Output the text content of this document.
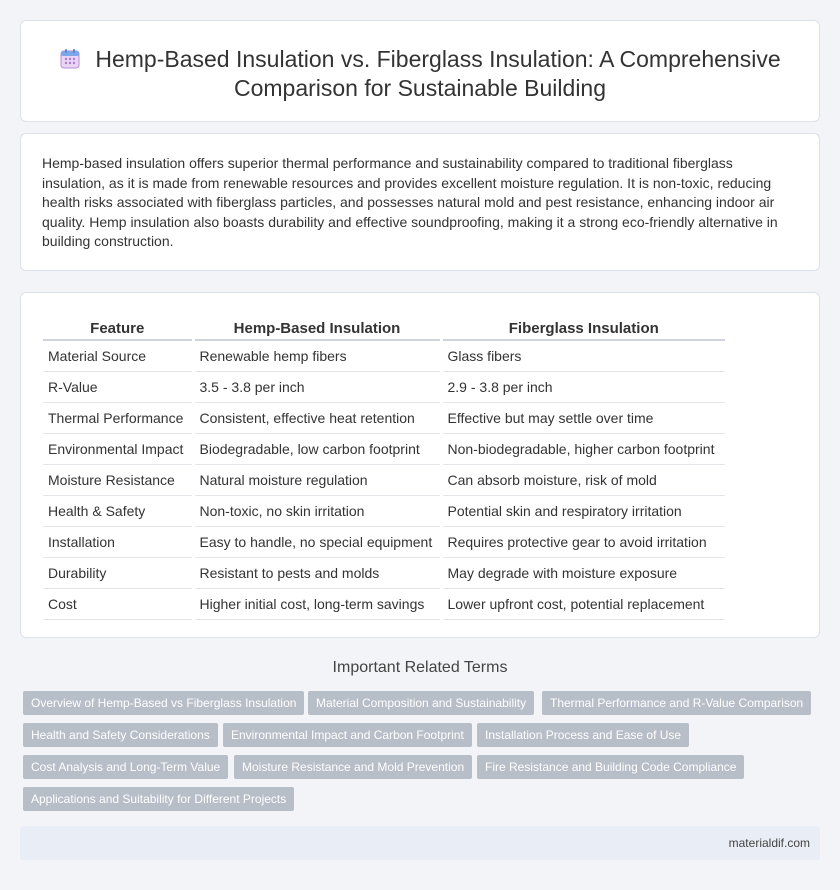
Hemp-Based Insulation vs. Fiberglass Insulation: A Comprehensive Comparison for Sustainable Building

Hemp-based insulation offers superior thermal performance and sustainability compared to traditional fiberglass insulation, as it is made from renewable resources and provides excellent moisture regulation. It is non-toxic, reducing health risks associated with fiberglass particles, and possesses natural mold and pest resistance, enhancing indoor air quality. Hemp insulation also boasts durability and effective soundproofing, making it a strong eco-friendly alternative in building construction.

Feature	Hemp-Based Insulation	Fiberglass Insulation
Material Source	Renewable hemp fibers	Glass fibers
R-Value	3.5 - 3.8 per inch	2.9 - 3.8 per inch
Thermal Performance	Consistent, effective heat retention	Effective but may settle over time
Environmental Impact	Biodegradable, low carbon footprint	Non-biodegradable, higher carbon footprint
Moisture Resistance	Natural moisture regulation	Can absorb moisture, risk of mold
Health & Safety	Non-toxic, no skin irritation	Potential skin and respiratory irritation
Installation	Easy to handle, no special equipment	Requires protective gear to avoid irritation
Durability	Resistant to pests and molds	May degrade with moisture exposure
Cost	Higher initial cost, long-term savings	Lower upfront cost, potential replacement
Important Related Terms
Overview of Hemp-Based vs Fiberglass Insulation	Material Composition and Sustainability	Thermal Performance and R-Value Comparison
Health and Safety Considerations	Environmental Impact and Carbon Footprint	Installation Process and Ease of Use
Cost Analysis and Long-Term Value	Moisture Resistance and Mold Prevention	Fire Resistance and Building Code Compliance
Applications and Suitability for Different Projects
materialdif.com
